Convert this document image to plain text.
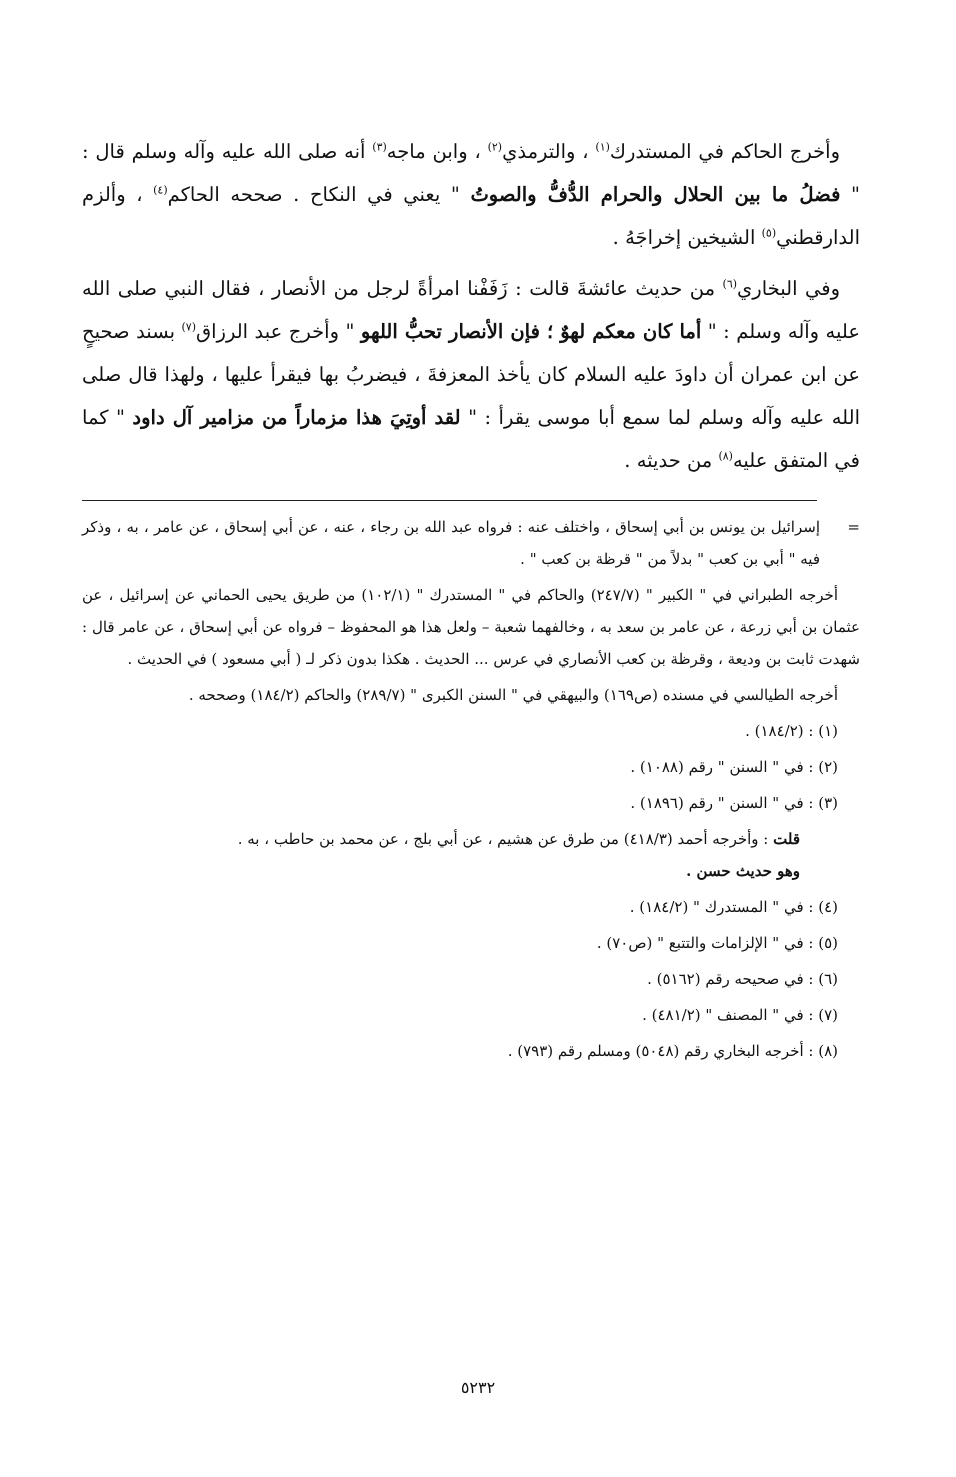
وأخرج الحاكم في المستدرك$^{(١)}$ ، والترمذي$^{(٢)}$ ، وابن ماجه$^{(٣)}$ أنه صلى الله عليه وآله وسلم قال : " فضلُ ما بين الحلال والحرام الدُّفُّ والصوتُ " يعني في النكاح . صححه الحاكم$^{(٤)}$ ، وألزم الدارقطني$^{(٥)}$ الشيخين إخراجَهُ .

وفي البخاري$^{(٦)}$ من حديث عائشةَ قالت : زَفَفْنا امرأةً لرجل من الأنصار ، فقال النبي صلى الله عليه وآله وسلم : " أما كان معكم لهوٌ ؛ فإن الأنصار تحبُّ اللهو " وأخرج عبد الرزاق$^{(٧)}$ بسند صحيحٍ عن ابن عمران أن داودَ عليه السلام كان يأخذ المعزفةَ ، فيضربُ بها فيقرأ عليها ، ولهذا قال صلى الله عليه وآله وسلم لما سمع أبا موسى يقرأ : " لقد أوتِيَ هذا مزماراً من مزامير آل داود " كما في المتفق عليه$^{(٨)}$ من حديثه .

=إسرائيل بن يونس بن أبي إسحاق ، واختلف عنه : فرواه عبد الله بن رجاء ، عنه ، عن أبي إسحاق ، عن عامر ، به ، وذكر فيه " أبي بن كعب " بدلاً من " قرظة بن كعب " .

أخرجه الطبراني في " الكبير " (٢٤٧/٧) والحاكم في " المستدرك " (١٠٢/١) من طريق يحيى الحماني عن إسرائيل ، عن عثمان بن أبي زرعة ، عن عامر بن سعد به ، وخالفهما شعبة – ولعل هذا هو المحفوظ – فرواه عن أبي إسحاق ، عن عامر قال : شهدت ثابت بن وديعة ، وقرظة بن كعب الأنصاري في عرس ... الحديث . هكذا بدون ذكر لـ ( أبي مسعود ) في الحديث .

أخرجه الطيالسي في مسنده (ص١٦٩) والبيهقي في " السنن الكبرى " (٢٨٩/٧) والحاكم (١٨٤/٢) وصححه .

(١) : (١٨٤/٢) .

(٢) : في " السنن " رقم (١٠٨٨) .

(٣) : في " السنن " رقم (١٨٩٦) .

قلت : وأخرجه أحمد (٤١٨/٣) من طرق عن هشيم ، عن أبي بلج ، عن محمد بن حاطب ، به .

وهو حديث حسن .

(٤) : في " المستدرك " (١٨٤/٢) .

(٥) : في " الإلزامات والتتبع " (ص٧٠) .

(٦) : في صحيحه رقم (٥١٦٢) .

(٧) : في " المصنف " (٤٨١/٢) .

(٨) : أخرجه البخاري رقم (٥٠٤٨) ومسلم رقم (٧٩٣) .

٥٢٣٢
